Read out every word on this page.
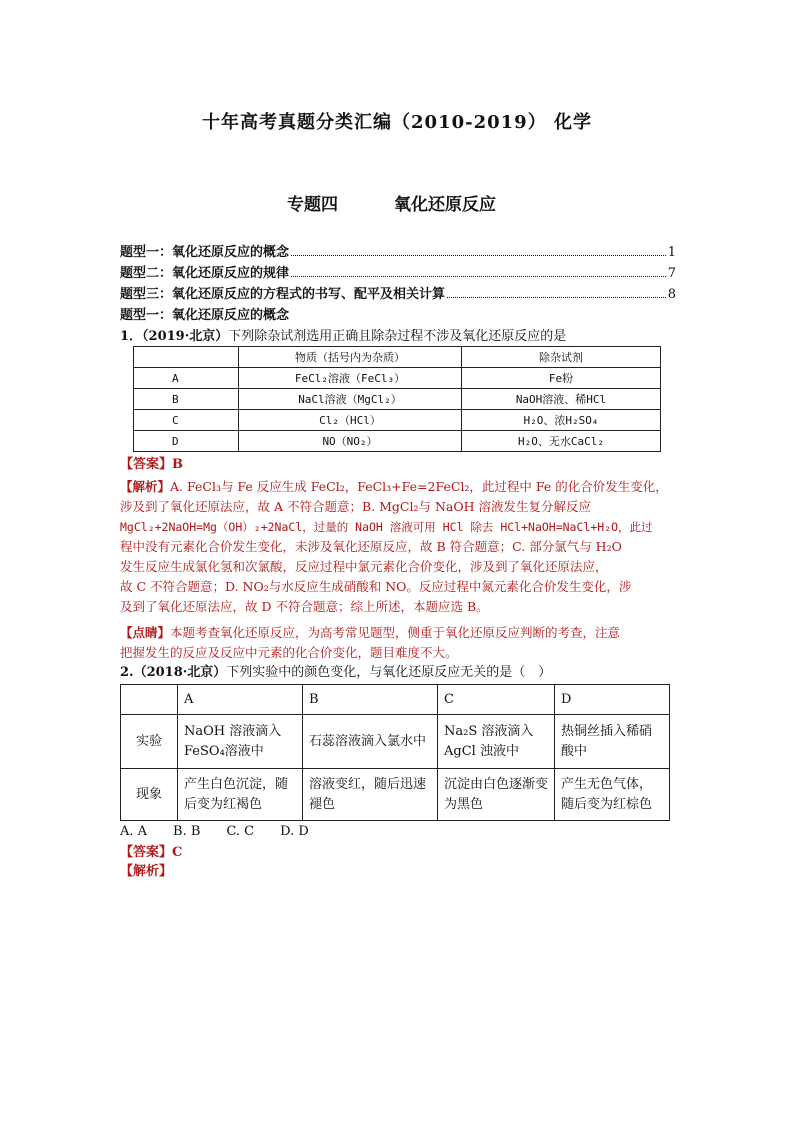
十年高考真题分类汇编（2010-2019） 化学
专题四	氧化还原反应
题型一：氧化还原反应的概念	1
题型二：氧化还原反应的规律	7
题型三：氧化还原反应的方程式的书写、配平及相关计算	8
题型一：氧化还原反应的概念
1．（2019·北京）下列除杂试剂选用正确且除杂过程不涉及氧化还原反应的是
	物质（括号内为杂质）	除杂试剂
A	FeCl₂溶液（FeCl₃）	Fe粉
B	NaCl溶液（MgCl₂）	NaOH溶液、稀HCl
C	Cl₂（HCl）	H₂O、浓H₂SO₄
D	NO（NO₂）	H₂O、无水CaCl₂
【答案】B
【解析】A. FeCl₃与 Fe 反应生成 FeCl₂，FeCl₃+Fe=2FeCl₂，此过程中 Fe 的化合价发生变化，
涉及到了氧化还原法应，故 A 不符合题意；B. MgCl₂与 NaOH 溶液发生复分解反应
MgCl₂+2NaOH=Mg（OH）₂+2NaCl，过量的 NaOH 溶液可用 HCl 除去 HCl+NaOH=NaCl+H₂O，此过
程中没有元素化合价发生变化，未涉及氧化还原反应，故 B 符合题意；C. 部分氯气与 H₂O
发生反应生成氯化氢和次氯酸，反应过程中氯元素化合价变化，涉及到了氧化还原法应，
故 C 不符合题意；D. NO₂与水反应生成硝酸和 NO。反应过程中氮元素化合价发生变化，涉
及到了氧化还原法应，故 D 不符合题意；综上所述，本题应选 B。
【点睛】本题考查氧化还原反应，为高考常见题型，侧重于氧化还原反应判断的考查，注意
把握发生的反应及反应中元素的化合价变化，题目难度不大。
2.（2018·北京）下列实验中的颜色变化，与氧化还原反应无关的是（　）
	A	B	C	D
实验	NaOH 溶液滴入 FeSO₄溶液中	石蕊溶液滴入氯水中	Na₂S 溶液滴入 AgCl 浊液中	热铜丝插入稀硝酸中
现象	产生白色沉淀，随后变为红褐色	溶液变红，随后迅速褪色	沉淀由白色逐渐变为黑色	产生无色气体，随后变为红棕色
A. A　　B. B　　C. C　　D. D
【答案】C
【解析】
